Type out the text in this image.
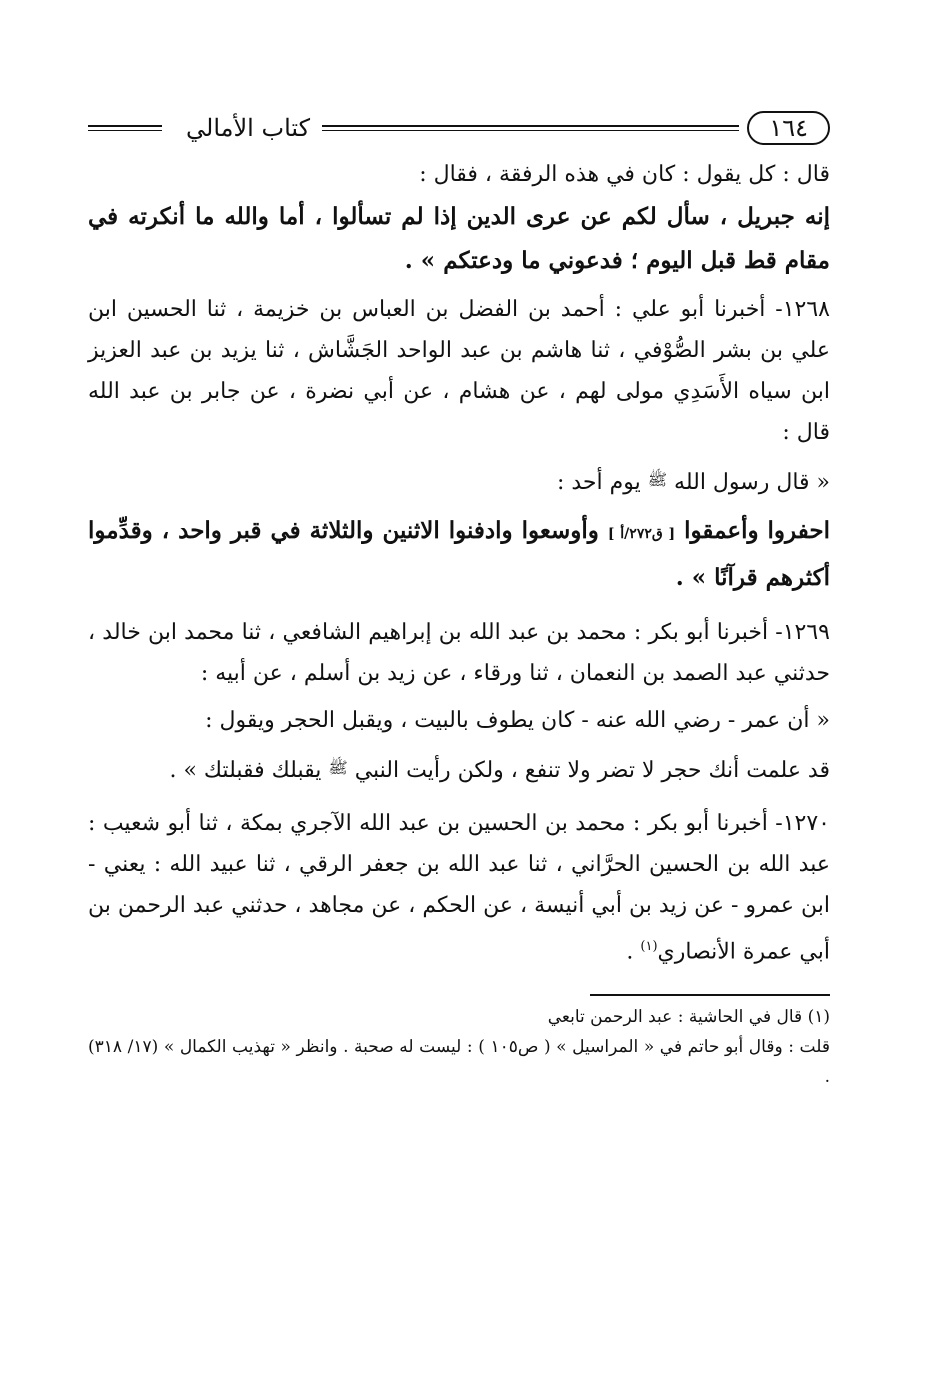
١٦٤
كتاب الأمالي

قال : كل يقول : كان في هذه الرفقة ، فقال :

إنه جبريل ، سأل لكم عن عرى الدين إذا لم تسألوا ، أما والله ما أنكرته في مقام قط قبل اليوم ؛ فدعوني ما ودعتكم » .

١٢٦٨- أخبرنا أبو علي : أحمد بن الفضل بن العباس بن خزيمة ، ثنا الحسين ابن علي بن بشر الصُّوْفي ، ثنا هاشم بن عبد الواحد الجَشَّاش ، ثنا يزيد بن عبد العزيز ابن سياه الأَسَدِي مولى لهم ، عن هشام ، عن أبي نضرة ، عن جابر بن عبد الله قال :

« قال رسول الله ﷺ يوم أحد :

احفروا وأعمقوا [ ق٢٧٢/أ ] وأوسعوا وادفنوا الاثنين والثلاثة في قبر واحد ، وقدِّموا أكثرهم قرآنًا » .

١٢٦٩- أخبرنا أبو بكر : محمد بن عبد الله بن إبراهيم الشافعي ، ثنا محمد ابن خالد ، حدثني عبد الصمد بن النعمان ، ثنا ورقاء ، عن زيد بن أسلم ، عن أبيه :

« أن عمر - رضي الله عنه - كان يطوف بالبيت ، ويقبل الحجر ويقول :

قد علمت أنك حجر لا تضر ولا تنفع ، ولكن رأيت النبي ﷺ يقبلك فقبلتك » .

١٢٧٠- أخبرنا أبو بكر : محمد بن الحسين بن عبد الله الآجري بمكة ، ثنا أبو شعيب : عبد الله بن الحسين الحرَّاني ، ثنا عبد الله بن جعفر الرقي ، ثنا عبيد الله : يعني - ابن عمرو - عن زيد بن أبي أنيسة ، عن الحكم ، عن مجاهد ، حدثني عبد الرحمن بن أبي عمرة الأنصاري$^{(١)}$ .

(١) قال في الحاشية : عبد الرحمن تابعي

قلت : وقال أبو حاتم في « المراسيل » ( ص١٠٥ ) : ليست له صحبة . وانظر « تهذيب الكمال » (١٧/ ٣١٨) .
